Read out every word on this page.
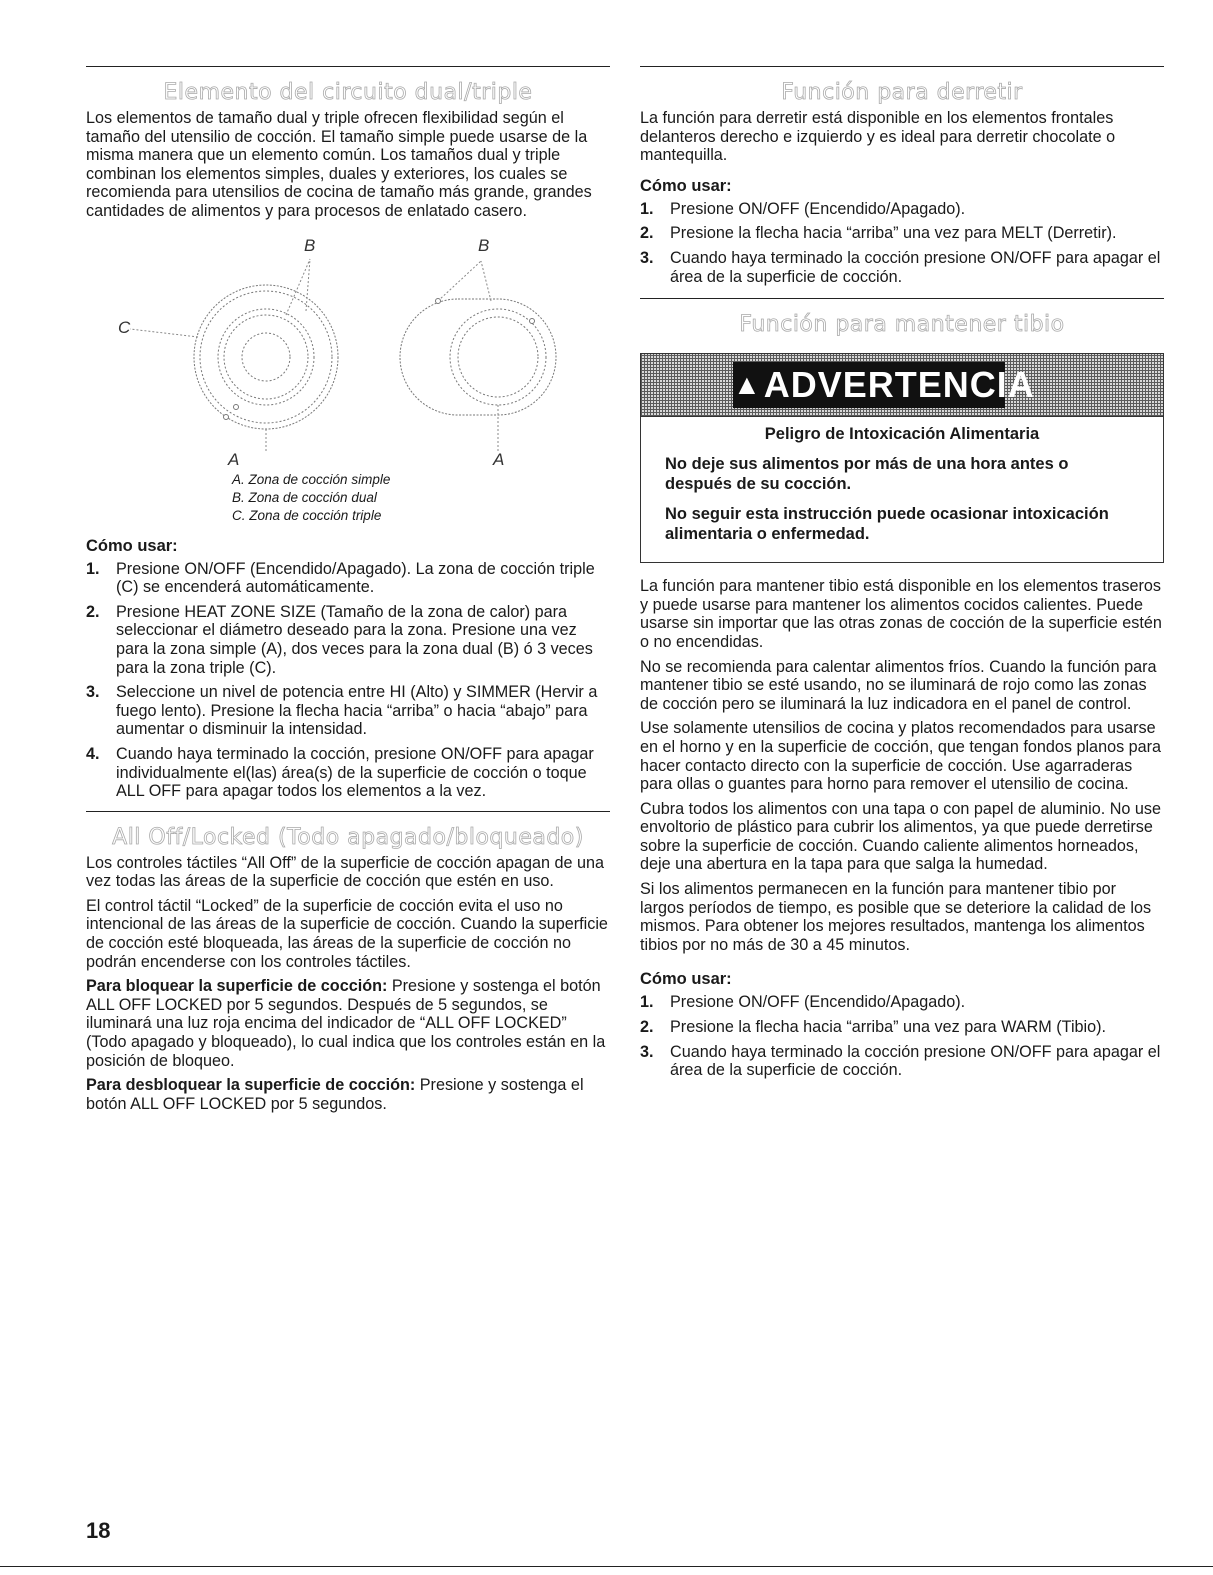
Elemento del circuito dual/triple

Los elementos de tamaño dual y triple ofrecen flexibilidad según el tamaño del utensilio de cocción. El tamaño simple puede usarse de la misma manera que un elemento común. Los tamaños dual y triple combinan los elementos simples, duales y exteriores, los cuales se recomienda para utensilios de cocina de tamaño más grande, grandes cantidades de alimentos y para procesos de enlatado casero.

B	B
C
A	A
A. Zona de cocción simple
B. Zona de cocción dual
C. Zona de cocción triple
Cómo usar:
1. Presione ON/OFF (Encendido/Apagado). La zona de cocción triple (C) se encenderá automáticamente.
2. Presione HEAT ZONE SIZE (Tamaño de la zona de calor) para seleccionar el diámetro deseado para la zona. Presione una vez para la zona simple (A), dos veces para la zona dual (B) ó 3 veces para la zona triple (C).
3. Seleccione un nivel de potencia entre HI (Alto) y SIMMER (Hervir a fuego lento). Presione la flecha hacia “arriba” o hacia “abajo” para aumentar o disminuir la intensidad.
4. Cuando haya terminado la cocción, presione ON/OFF para apagar individualmente el(las) área(s) de la superficie de cocción o toque ALL OFF para apagar todos los elementos a la vez.
All Off/Locked (Todo apagado/bloqueado)

Los controles táctiles “All Off” de la superficie de cocción apagan de una vez todas las áreas de la superficie de cocción que estén en uso.

El control táctil “Locked” de la superficie de cocción evita el uso no intencional de las áreas de la superficie de cocción. Cuando la superficie de cocción esté bloqueada, las áreas de la superficie de cocción no podrán encenderse con los controles táctiles.

Para bloquear la superficie de cocción: Presione y sostenga el botón ALL OFF LOCKED por 5 segundos. Después de 5 segundos, se iluminará una luz roja encima del indicador de “ALL OFF LOCKED” (Todo apagado y bloqueado), lo cual indica que los controles están en la posición de bloqueo.

Para desbloquear la superficie de cocción: Presione y sostenga el botón ALL OFF LOCKED por 5 segundos.

Función para derretir

La función para derretir está disponible en los elementos frontales delanteros derecho e izquierdo y es ideal para derretir chocolate o mantequilla.

Cómo usar:
1. Presione ON/OFF (Encendido/Apagado).
2. Presione la flecha hacia “arriba” una vez para MELT (Derretir).
3. Cuando haya terminado la cocción presione ON/OFF para apagar el área de la superficie de cocción.
Función para mantener tibio
▲ADVERTENCIA
Peligro de Intoxicación Alimentaria
No deje sus alimentos por más de una hora antes o después de su cocción.
No seguir esta instrucción puede ocasionar intoxicación alimentaria o enfermedad.

La función para mantener tibio está disponible en los elementos traseros y puede usarse para mantener los alimentos cocidos calientes. Puede usarse sin importar que las otras zonas de cocción de la superficie estén o no encendidas.

No se recomienda para calentar alimentos fríos. Cuando la función para mantener tibio se esté usando, no se iluminará de rojo como las zonas de cocción pero se iluminará la luz indicadora en el panel de control.

Use solamente utensilios de cocina y platos recomendados para usarse en el horno y en la superficie de cocción, que tengan fondos planos para hacer contacto directo con la superficie de cocción. Use agarraderas para ollas o guantes para horno para remover el utensilio de cocina.

Cubra todos los alimentos con una tapa o con papel de aluminio. No use envoltorio de plástico para cubrir los alimentos, ya que puede derretirse sobre la superficie de cocción. Cuando caliente alimentos horneados, deje una abertura en la tapa para que salga la humedad.

Si los alimentos permanecen en la función para mantener tibio por largos períodos de tiempo, es posible que se deteriore la calidad de los mismos. Para obtener los mejores resultados, mantenga los alimentos tibios por no más de 30 a 45 minutos.

Cómo usar:
1. Presione ON/OFF (Encendido/Apagado).
2. Presione la flecha hacia “arriba” una vez para WARM (Tibio).
3. Cuando haya terminado la cocción presione ON/OFF para apagar el área de la superficie de cocción.
18
